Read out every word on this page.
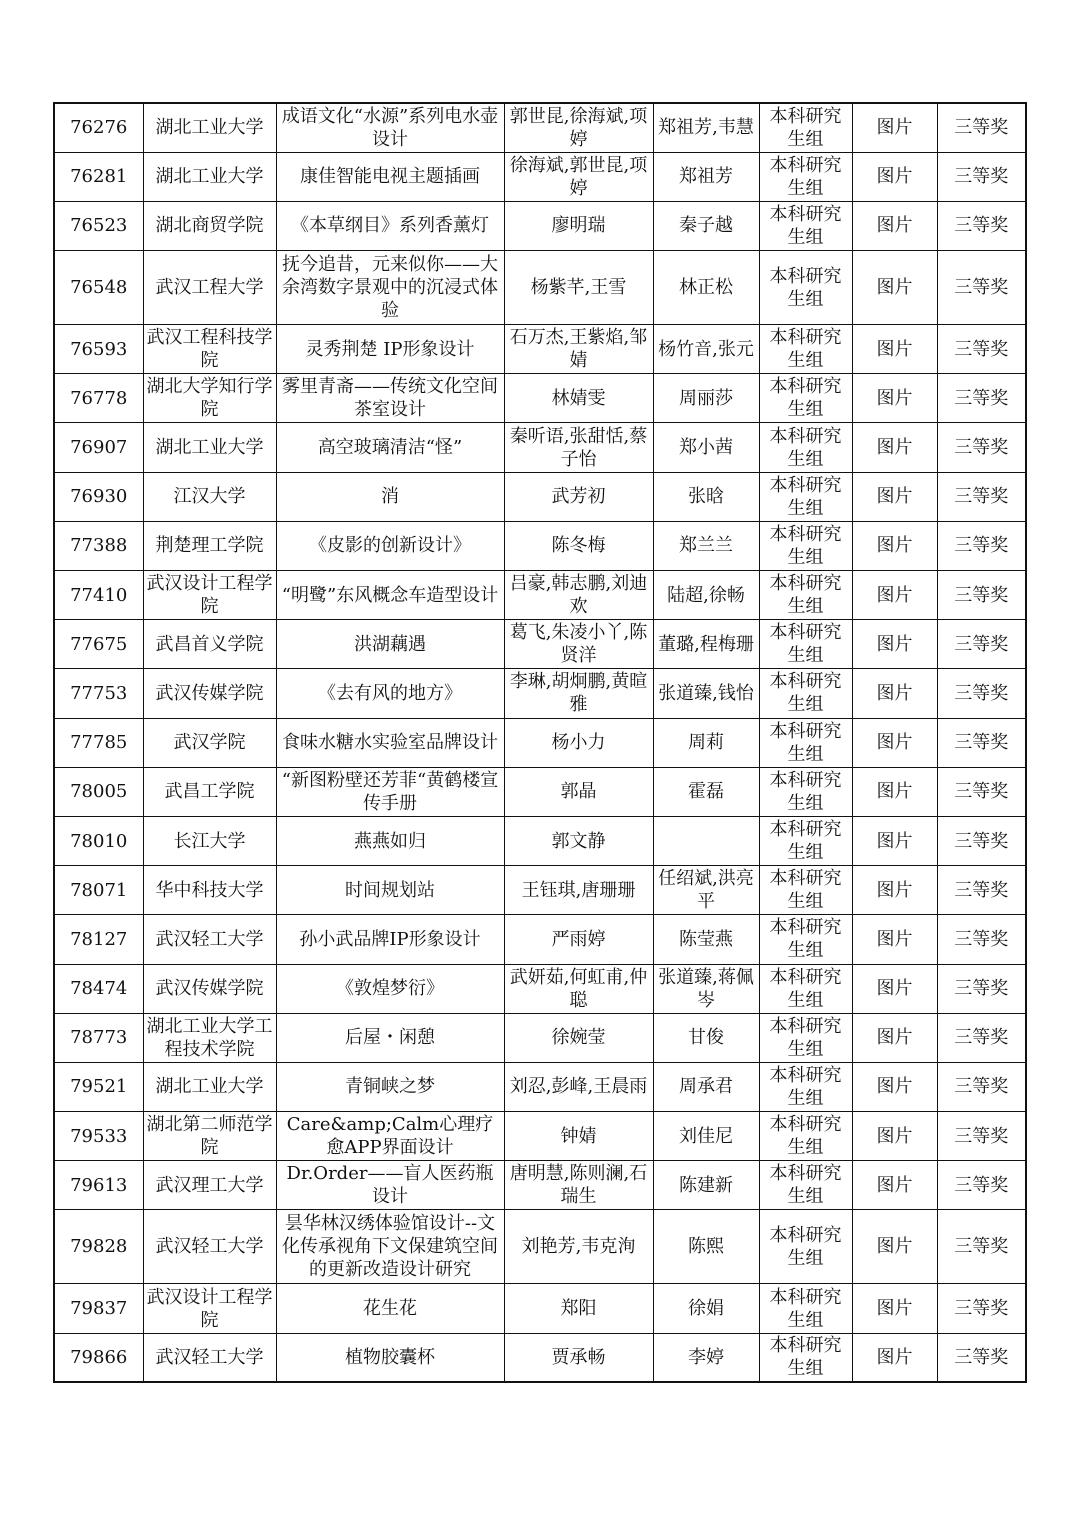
76276	湖北工业大学	成语文化“水源”系列电水壶设计	郭世昆,徐海斌,项婷	郑祖芳,韦慧	本科研究生组	图片	三等奖
76281	湖北工业大学	康佳智能电视主题插画	徐海斌,郭世昆,项婷	郑祖芳	本科研究生组	图片	三等奖
76523	湖北商贸学院	《本草纲目》系列香薰灯	廖明瑞	秦子越	本科研究生组	图片	三等奖
76548	武汉工程大学	抚今追昔，元来似你——大余湾数字景观中的沉浸式体验	杨紫芊,王雪	林正松	本科研究生组	图片	三等奖
76593	武汉工程科技学院	灵秀荆楚 IP形象设计	石万杰,王紫焰,邹婧	杨竹音,张元	本科研究生组	图片	三等奖
76778	湖北大学知行学院	雾里青斋——传统文化空间茶室设计	林婧雯	周丽莎	本科研究生组	图片	三等奖
76907	湖北工业大学	高空玻璃清洁“怪”	秦听语,张甜恬,蔡子怡	郑小茜	本科研究生组	图片	三等奖
76930	江汉大学	消	武芳初	张晗	本科研究生组	图片	三等奖
77388	荆楚理工学院	《皮影的创新设计》	陈冬梅	郑兰兰	本科研究生组	图片	三等奖
77410	武汉设计工程学院	“明鹭”东风概念车造型设计	吕豪,韩志鹏,刘迪欢	陆超,徐畅	本科研究生组	图片	三等奖
77675	武昌首义学院	洪湖藕遇	葛飞,朱凌小丫,陈贤洋	董璐,程梅珊	本科研究生组	图片	三等奖
77753	武汉传媒学院	《去有风的地方》	李琳,胡炯鹏,黄暄雅	张道臻,钱怡	本科研究生组	图片	三等奖
77785	武汉学院	食味水糖水实验室品牌设计	杨小力	周莉	本科研究生组	图片	三等奖
78005	武昌工学院	“新图粉壁还芳菲“黄鹤楼宣传手册	郭晶	霍磊	本科研究生组	图片	三等奖
78010	长江大学	燕燕如归	郭文静		本科研究生组	图片	三等奖
78071	华中科技大学	时间规划站	王钰琪,唐珊珊	任绍斌,洪亮平	本科研究生组	图片	三等奖
78127	武汉轻工大学	孙小武品牌IP形象设计	严雨婷	陈莹燕	本科研究生组	图片	三等奖
78474	武汉传媒学院	《敦煌梦衍》	武妍茹,何虹甫,仲聪	张道臻,蒋佩岑	本科研究生组	图片	三等奖
78773	湖北工业大学工程技术学院	后屋・闲憩	徐婉莹	甘俊	本科研究生组	图片	三等奖
79521	湖北工业大学	青铜峡之梦	刘忍,彭峰,王晨雨	周承君	本科研究生组	图片	三等奖
79533	湖北第二师范学院	Care&amp;Calm心理疗愈APP界面设计	钟婧	刘佳尼	本科研究生组	图片	三等奖
79613	武汉理工大学	Dr.Order——盲人医药瓶设计	唐明慧,陈则澜,石瑞生	陈建新	本科研究生组	图片	三等奖
79828	武汉轻工大学	昙华林汉绣体验馆设计--文化传承视角下文保建筑空间的更新改造设计研究	刘艳芳,韦克洵	陈熙	本科研究生组	图片	三等奖
79837	武汉设计工程学院	花生花	郑阳	徐娟	本科研究生组	图片	三等奖
79866	武汉轻工大学	植物胶囊杯	贾承畅	李婷	本科研究生组	图片	三等奖
